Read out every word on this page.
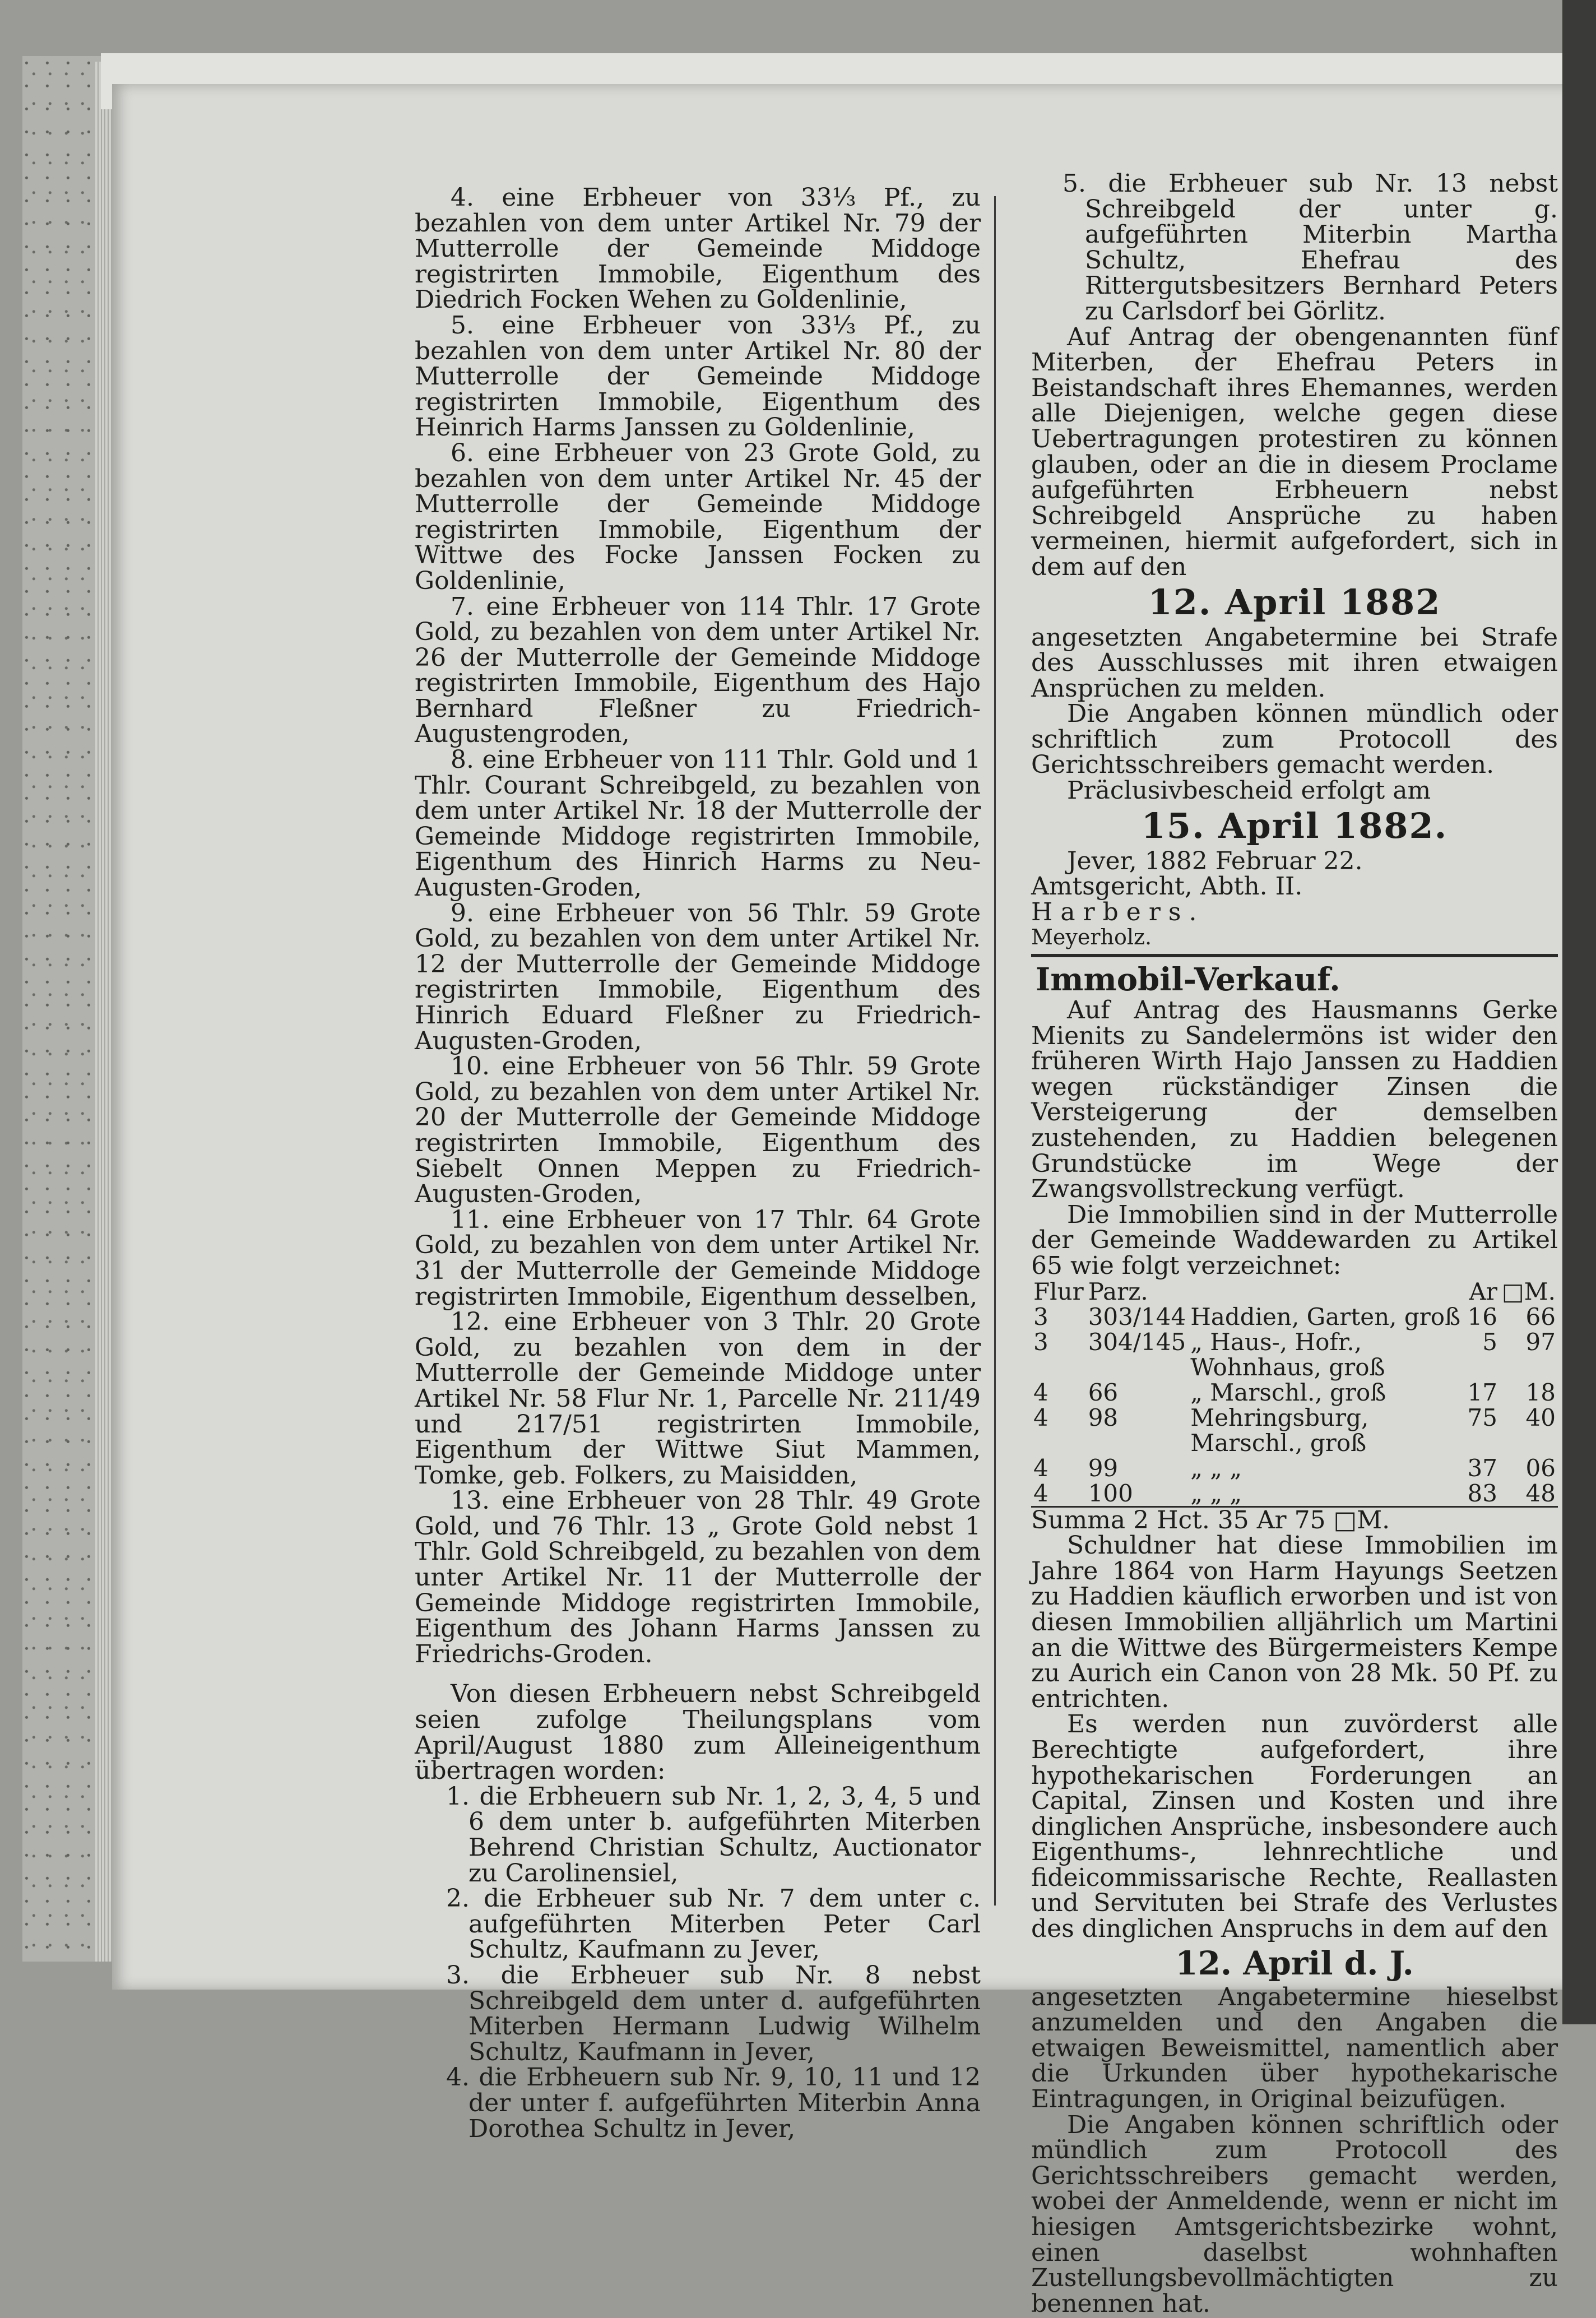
4. eine Erbheuer von 33⅓ Pf., zu bezahlen von dem unter Artikel Nr. 79 der Mutterrolle der Gemeinde Middoge registrirten Immobile, Eigenthum des Diedrich Focken Wehen zu Goldenlinie,

5. eine Erbheuer von 33⅓ Pf., zu bezahlen von dem unter Artikel Nr. 80 der Mutterrolle der Gemeinde Middoge registrirten Immobile, Eigenthum des Heinrich Harms Janssen zu Goldenlinie,

6. eine Erbheuer von 23 Grote Gold, zu bezahlen von dem unter Artikel Nr. 45 der Mutterrolle der Gemeinde Middoge registrirten Immobile, Eigenthum der Wittwe des Focke Janssen Focken zu Goldenlinie,

7. eine Erbheuer von 114 Thlr. 17 Grote Gold, zu bezahlen von dem unter Artikel Nr. 26 der Mutterrolle der Gemeinde Middoge registrirten Immobile, Eigenthum des Hajo Bernhard Fleßner zu Friedrich-Augustengroden,

8. eine Erbheuer von 111 Thlr. Gold und 1 Thlr. Courant Schreibgeld, zu bezahlen von dem unter Artikel Nr. 18 der Mutterrolle der Gemeinde Middoge registrirten Immobile, Eigenthum des Hinrich Harms zu Neu-Augusten-Groden,

9. eine Erbheuer von 56 Thlr. 59 Grote Gold, zu bezahlen von dem unter Artikel Nr. 12 der Mutterrolle der Gemeinde Middoge registrirten Immobile, Eigenthum des Hinrich Eduard Fleßner zu Friedrich-Augusten-Groden,

10. eine Erbheuer von 56 Thlr. 59 Grote Gold, zu bezahlen von dem unter Artikel Nr. 20 der Mutterrolle der Gemeinde Middoge registrirten Immobile, Eigenthum des Siebelt Onnen Meppen zu Friedrich-Augusten-Groden,

11. eine Erbheuer von 17 Thlr. 64 Grote Gold, zu bezahlen von dem unter Artikel Nr. 31 der Mutterrolle der Gemeinde Middoge registrirten Immobile, Eigenthum desselben,

12. eine Erbheuer von 3 Thlr. 20 Grote Gold, zu bezahlen von dem in der Mutterrolle der Gemeinde Middoge unter Artikel Nr. 58 Flur Nr. 1, Parcelle Nr. 211/49 und 217/51 registrirten Immobile, Eigenthum der Wittwe Siut Mammen, Tomke, geb. Folkers, zu Maisidden,

13. eine Erbheuer von 28 Thlr. 49 Grote Gold, und 76 Thlr. 13 „ Grote Gold nebst 1 Thlr. Gold Schreibgeld, zu bezahlen von dem unter Artikel Nr. 11 der Mutterrolle der Gemeinde Middoge registrirten Immobile, Eigenthum des Johann Harms Janssen zu Friedrichs-Groden.

Von diesen Erbheuern nebst Schreibgeld seien zufolge Theilungsplans vom April/August 1880 zum Alleineigenthum übertragen worden:

1. die Erbheuern sub Nr. 1, 2, 3, 4, 5 und 6 dem unter b. aufgeführten Miterben Behrend Christian Schultz, Auctionator zu Carolinensiel,

2. die Erbheuer sub Nr. 7 dem unter c. aufgeführten Miterben Peter Carl Schultz, Kaufmann zu Jever,

3. die Erbheuer sub Nr. 8 nebst Schreibgeld dem unter d. aufgeführten Miterben Hermann Ludwig Wilhelm Schultz, Kaufmann in Jever,

4. die Erbheuern sub Nr. 9, 10, 11 und 12 der unter f. aufgeführten Miterbin Anna Dorothea Schultz in Jever,

5. die Erbheuer sub Nr. 13 nebst Schreibgeld der unter g. aufgeführten Miterbin Martha Schultz, Ehefrau des Rittergutsbesitzers Bernhard Peters zu Carlsdorf bei Görlitz.

Auf Antrag der obengenannten fünf Miterben, der Ehefrau Peters in Beistandschaft ihres Ehemannes, werden alle Diejenigen, welche gegen diese Uebertragungen protestiren zu können glauben, oder an die in diesem Proclame aufgeführten Erbheuern nebst Schreibgeld Ansprüche zu haben vermeinen, hiermit aufgefordert, sich in dem auf den

12. April 1882

angesetzten Angabetermine bei Strafe des Ausschlusses mit ihren etwaigen Ansprüchen zu melden.

Die Angaben können mündlich oder schriftlich zum Protocoll des Gerichtsschreibers gemacht werden.

Präclusivbescheid erfolgt am

15. April 1882.

Jever, 1882 Februar 22.

Amtsgericht, Abth. II.

Harbers.

Meyerholz.

Immobil-Verkauf.

Auf Antrag des Hausmanns Gerke Mienits zu Sandelermöns ist wider den früheren Wirth Hajo Janssen zu Haddien wegen rückständiger Zinsen die Versteigerung der demselben zustehenden, zu Haddien belegenen Grundstücke im Wege der Zwangsvollstreckung verfügt.

Die Immobilien sind in der Mutterrolle der Gemeinde Waddewarden zu Artikel 65 wie folgt verzeichnet:

Flur	Parz.		Ar	□M.
3	303/144	Haddien, Garten, groß	16	66
3	304/145	„ Haus-, Hofr., Wohnhaus, groß	5	97
4	66	„ Marschl., groß	17	18
4	98	Mehringsburg, Marschl., groß	75	40
4	99	„ „ „	37	06
4	100	„ „ „	83	48

Summa 2 Hct. 35 Ar 75 □M.

Schuldner hat diese Immobilien im Jahre 1864 von Harm Hayungs Seetzen zu Haddien käuflich erworben und ist von diesen Immobilien alljährlich um Martini an die Wittwe des Bürgermeisters Kempe zu Aurich ein Canon von 28 Mk. 50 Pf. zu entrichten.

Es werden nun zuvörderst alle Berechtigte aufgefordert, ihre hypothekarischen Forderungen an Capital, Zinsen und Kosten und ihre dinglichen Ansprüche, insbesondere auch Eigenthums-, lehnrechtliche und fideicommissarische Rechte, Reallasten und Servituten bei Strafe des Verlustes des dinglichen Anspruchs in dem auf den

12. April d. J.

angesetzten Angabetermine hieselbst anzumelden und den Angaben die etwaigen Beweismittel, namentlich aber die Urkunden über hypothekarische Eintragungen, in Original beizufügen.

Die Angaben können schriftlich oder mündlich zum Protocoll des Gerichtsschreibers gemacht werden, wobei der Anmeldende, wenn er nicht im hiesigen Amtsgerichtsbezirke wohnt, einen daselbst wohnhaften Zustellungsbevollmächtigten zu benennen hat.
